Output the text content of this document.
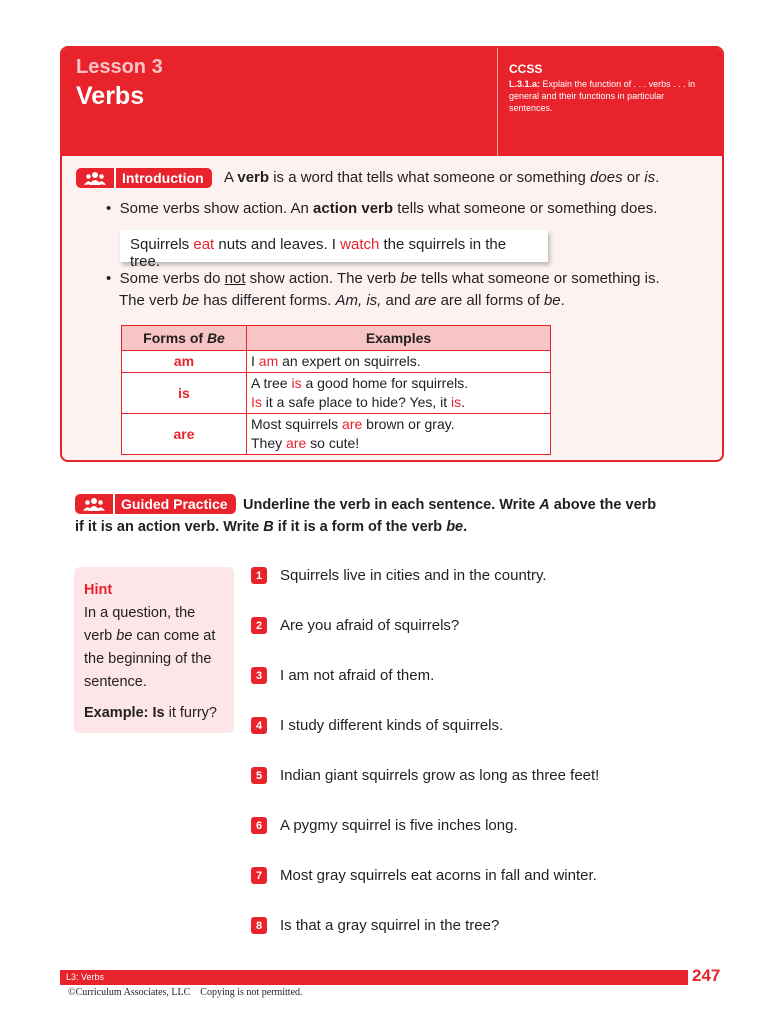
Lesson 3
Verbs
CCSS
L.3.1.a: Explain the function of . . . verbs . . . in general and their functions in particular sentences.
Introduction	A verb is a word that tells what someone or something does or is.
•  Some verbs show action. An action verb tells what someone or something does.
Squirrels eat nuts and leaves. I watch the squirrels in the tree.
•  Some verbs do not show action. The verb be tells what someone or something is.
The verb be has different forms. Am, is, and are are all forms of be.
Forms of Be	Examples
am	I am an expert on squirrels.
is	A tree is a good home for squirrels.
Is it a safe place to hide? Yes, it is.
are	Most squirrels are brown or gray.
They are so cute!
Guided Practice	Underline the verb in each sentence. Write A above the verb
if it is an action verb. Write B if it is a form of the verb be.
Hint
In a question, the verb be can come at the beginning of the sentence.
Example: Is it furry?
1	Squirrels live in cities and in the country.
2	Are you afraid of squirrels?
3	I am not afraid of them.
4	I study different kinds of squirrels.
5	Indian giant squirrels grow as long as three feet!
6	A pygmy squirrel is five inches long.
7	Most gray squirrels eat acorns in fall and winter.
8	Is that a gray squirrel in the tree?
L3: Verbs	247
©Curriculum Associates, LLC    Copying is not permitted.
